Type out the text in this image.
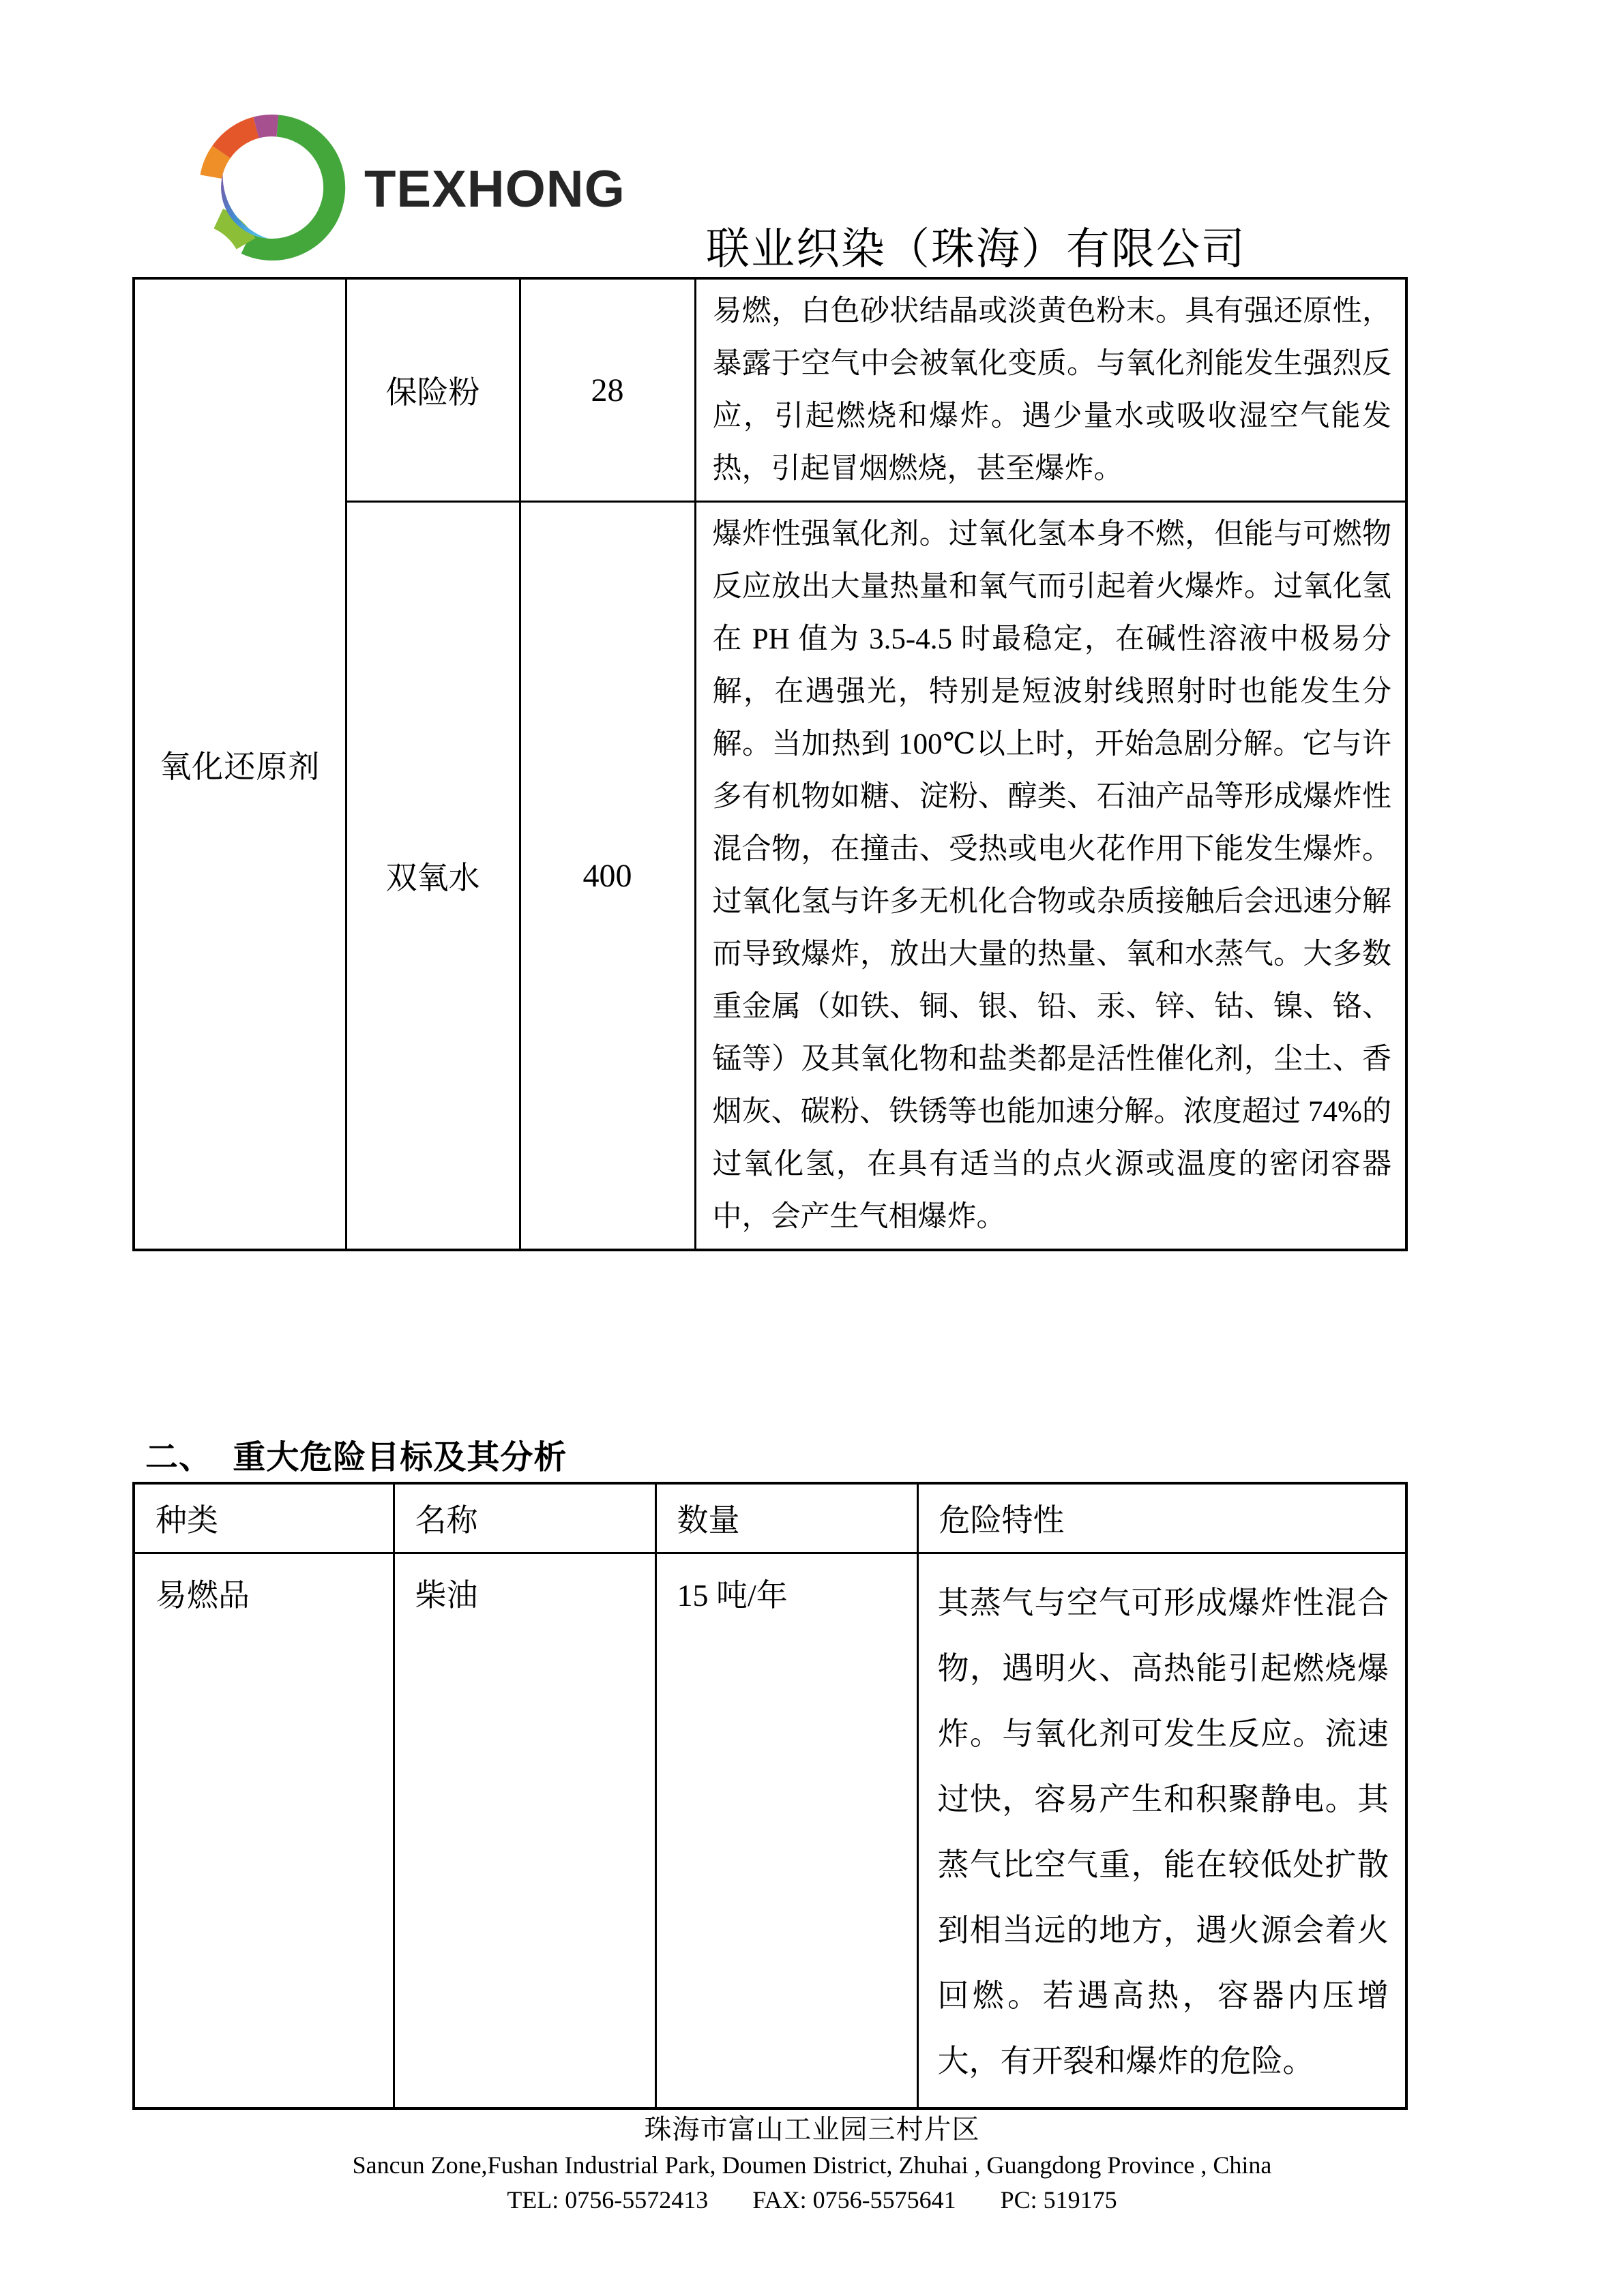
TEXHONG
联业织染（珠海）有限公司
氧化还原剂	保险粉	28	易燃，白色砂状结晶或淡黄色粉末。具有强还原性，暴露于空气中会被氧化变质。与氧化剂能发生强烈反应，引起燃烧和爆炸。遇少量水或吸收湿空气能发热，引起冒烟燃烧，甚至爆炸。
	双氧水	400	爆炸性强氧化剂。过氧化氢本身不燃，但能与可燃物反应放出大量热量和氧气而引起着火爆炸。过氧化氢在 PH 值为 3.5-4.5 时最稳定，在碱性溶液中极易分解，在遇强光，特别是短波射线照射时也能发生分解。当加热到 100℃以上时，开始急剧分解。它与许多有机物如糖、淀粉、醇类、石油产品等形成爆炸性混合物，在撞击、受热或电火花作用下能发生爆炸。过氧化氢与许多无机化合物或杂质接触后会迅速分解而导致爆炸，放出大量的热量、氧和水蒸气。大多数重金属（如铁、铜、银、铅、汞、锌、钴、镍、铬、锰等）及其氧化物和盐类都是活性催化剂，尘土、香烟灰、碳粉、铁锈等也能加速分解。浓度超过 74%的过氧化氢，在具有适当的点火源或温度的密闭容器中，会产生气相爆炸。
二、 重大危险目标及其分析
种类	名称	数量	危险特性
易燃品	柴油	15 吨/年	其蒸气与空气可形成爆炸性混合物，遇明火、高热能引起燃烧爆炸。与氧化剂可发生反应。流速过快，容易产生和积聚静电。其蒸气比空气重，能在较低处扩散到相当远的地方，遇火源会着火回燃。若遇高热，容器内压增大，有开裂和爆炸的危险。
珠海市富山工业园三村片区
Sancun Zone,Fushan Industrial Park, Doumen District, Zhuhai , Guangdong Province , China
TEL: 0756-5572413 FAX: 0756-5575641 PC: 519175
